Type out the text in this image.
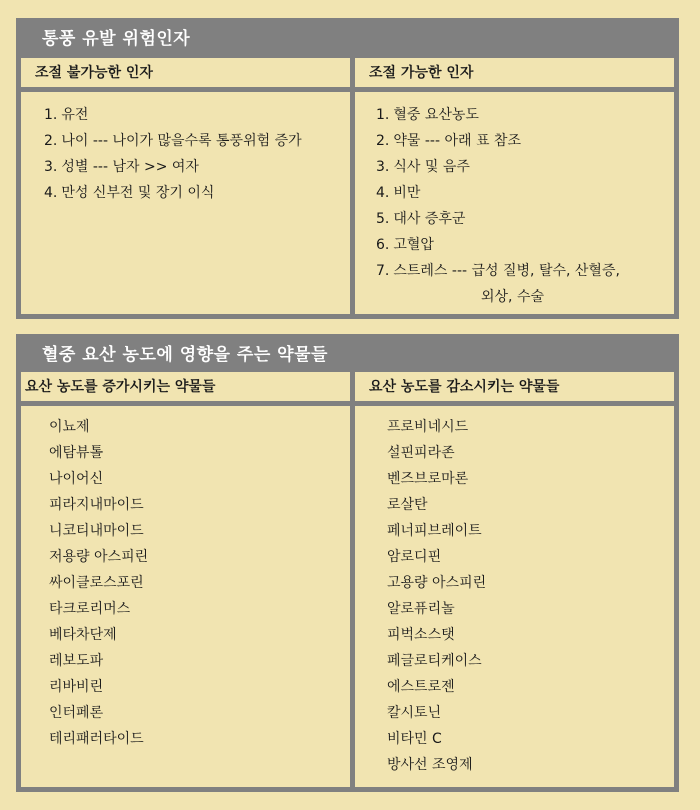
통풍 유발 위험인자
조절 불가능한 인자	조절 가능한 인자
1. 유전
2. 나이 --- 나이가 많을수록 통풍위험 증가
3. 성별 --- 남자 >> 여자
4. 만성 신부전 및 장기 이식
1. 혈중 요산농도
2. 약물 --- 아래 표 참조
3. 식사 및 음주
4. 비만
5. 대사 증후군
6. 고혈압
7. 스트레스 --- 급성 질병, 탈수, 산혈증,
외상, 수술
혈중 요산 농도에 영향을 주는 약물들
요산 농도를 증가시키는 약물들	요산 농도를 감소시키는 약물들
이뇨제
에탐뷰톨
나이어신
피라지내마이드
니코티내마이드
저용량 아스피린
싸이클로스포린
타크로리머스
베타차단제
레보도파
리바비린
인터페론
테리패러타이드
프로비네시드
설핀피라존
벤즈브로마론
로살탄
페너피브레이트
암로디핀
고용량 아스피린
알로퓨리놀
피벅소스탯
페글로티케이스
에스트로젠
칼시토닌
비타민 C
방사선 조영제
